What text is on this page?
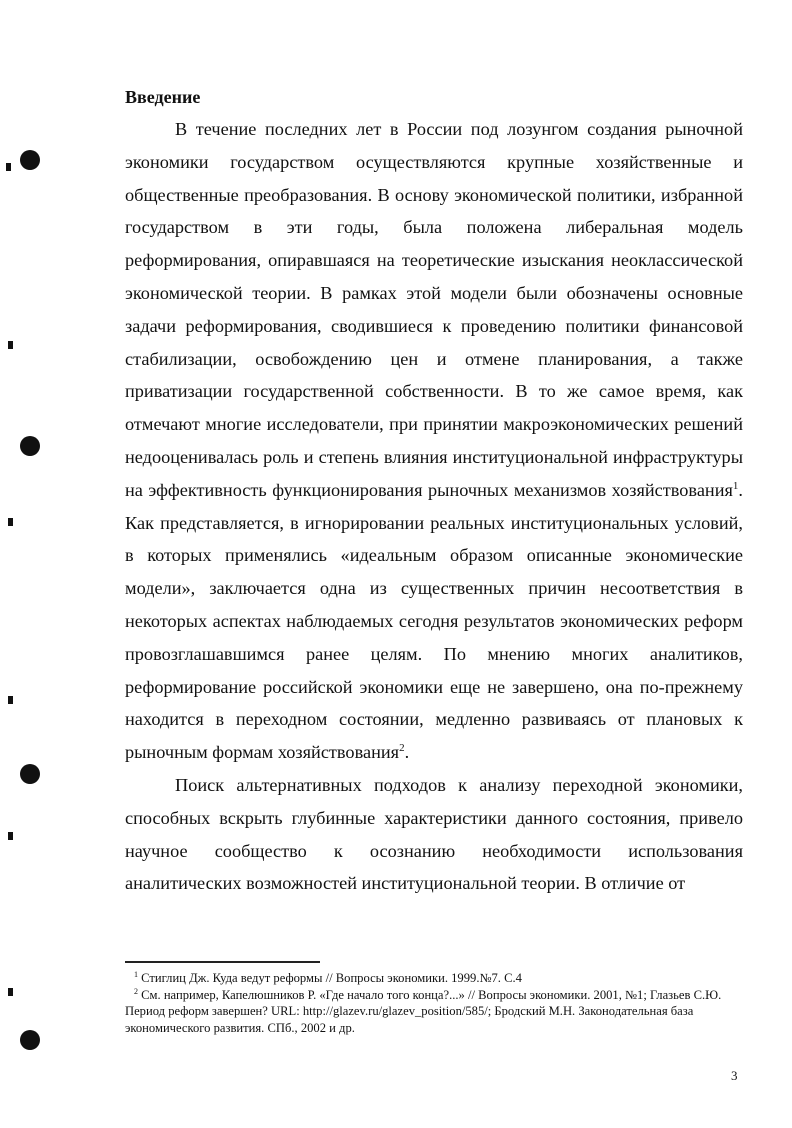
Введение

В течение последних лет в России под лозунгом создания рыночной экономики государством осуществляются крупные хозяйственные и общественные преобразования. В основу экономической политики, избранной государством в эти годы, была положена либеральная модель реформирования, опиравшаяся на теоретические изыскания неоклассической экономической теории. В рамках этой модели были обозначены основные задачи реформирования, сводившиеся к проведению политики финансовой стабилизации, освобождению цен и отмене планирования, а также приватизации государственной собственности. В то же самое время, как отмечают многие исследователи, при принятии макроэкономических решений недооценивалась роль и степень влияния институциональной инфраструктуры на эффективность функционирования рыночных механизмов хозяйствования$^1$. Как представляется, в игнорировании реальных институциональных условий, в которых применялись «идеальным образом описанные экономические модели», заключается одна из существенных причин несоответствия в некоторых аспектах наблюдаемых сегодня результатов экономических реформ провозглашавшимся ранее целям. По мнению многих аналитиков, реформирование российской экономики еще не завершено, она по-прежнему находится в переходном состоянии, медленно развиваясь от плановых к рыночным формам хозяйствования$^2$.

Поиск альтернативных подходов к анализу переходной экономики, способных вскрыть глубинные характеристики данного состояния, привело научное сообщество к осознанию необходимости использования аналитических возможностей институциональной теории. В отличие от

$^1$ Стиглиц Дж. Куда ведут реформы // Вопросы экономики. 1999.№7. С.4

$^2$ См. например, Капелюшников Р. «Где начало того конца?...» // Вопросы экономики. 2001, №1; Глазьев С.Ю. Период реформ завершен? URL: http://glazev.ru/glazev_position/585/; Бродский М.Н. Законодательная база экономического развития. СПб., 2002 и др.

3
